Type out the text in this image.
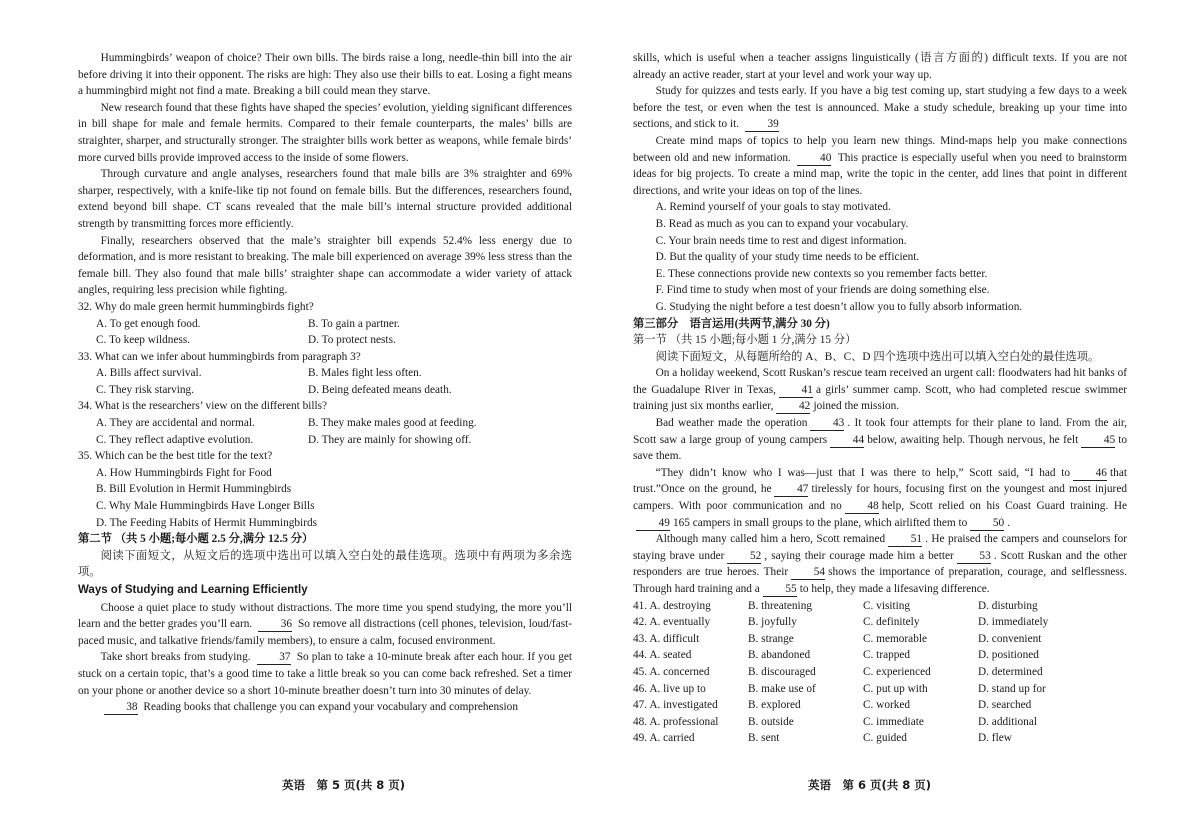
Hummingbirds’ weapon of choice? Their own bills. The birds raise a long, needle-thin bill into the air before driving it into their opponent. The risks are high: They also use their bills to eat. Losing a fight means a hummingbird might not find a mate. Breaking a bill could mean they starve.

New research found that these fights have shaped the species’ evolution, yielding significant differences in bill shape for male and female hermits. Compared to their female counterparts, the males’ bills are straighter, sharper, and structurally stronger. The straighter bills work better as weapons, while female birds’ more curved bills provide improved access to the inside of some flowers.

Through curvature and angle analyses, researchers found that male bills are 3% straighter and 69% sharper, respectively, with a knife-like tip not found on female bills. But the differences, researchers found, extend beyond bill shape. CT scans revealed that the male bill’s internal structure provided additional strength by transmitting forces more efficiently.

Finally, researchers observed that the male’s straighter bill expends 52.4% less energy due to deformation, and is more resistant to breaking. The male bill experienced on average 39% less stress than the female bill. They also found that male bills’ straighter shape can accommodate a wider variety of attack angles, requiring less precision while fighting.

32. Why do male green hermit hummingbirds fight?

A. To get enough food.	B. To gain a partner.
C. To keep wildness.	D. To protect nests.

33. What can we infer about hummingbirds from paragraph 3?

A. Bills affect survival.	B. Males fight less often.
C. They risk starving.	D. Being defeated means death.

34. What is the researchers’ view on the different bills?

A. They are accidental and normal.	B. They make males good at feeding.
C. They reflect adaptive evolution.	D. They are mainly for showing off.

35. Which can be the best title for the text?

A. How Hummingbirds Fight for Food

B. Bill Evolution in Hermit Hummingbirds

C. Why Male Hummingbirds Have Longer Bills

D. The Feeding Habits of Hermit Hummingbirds

第二节 （共 5 小题;每小题 2.5 分,满分 12.5 分）

阅读下面短文，从短文后的选项中选出可以填入空白处的最佳选项。选项中有两项为多余选项。

Ways of Studying and Learning Efficiently

Choose a quiet place to study without distractions. The more time you spend studying, the more you’ll learn and the better grades you’ll earn.	36 So remove all distractions (cell phones, television, loud/fast-paced music, and talkative friends/family members), to ensure a calm, focused environment.

Take short breaks from studying.	37 So plan to take a 10-minute break after each hour. If you get stuck on a certain topic, that’s a good time to take a little break so you can come back refreshed. Set a timer on your phone or another device so a short 10-minute breather doesn’t turn into 30 minutes of delay.

38 Reading books that challenge you can expand your vocabulary and comprehension

skills, which is useful when a teacher assigns linguistically (语言方面的) difficult texts. If you are not already an active reader, start at your level and work your way up.

Study for quizzes and tests early. If you have a big test coming up, start studying a few days to a week before the test, or even when the test is announced. Make a study schedule, breaking up your time into sections, and stick to it.	39

Create mind maps of topics to help you learn new things. Mind-maps help you make connections between old and new information.	40 This practice is especially useful when you need to brainstorm ideas for big projects. To create a mind map, write the topic in the center, add lines that point in different directions, and write your ideas on top of the lines.

A. Remind yourself of your goals to stay motivated.

B. Read as much as you can to expand your vocabulary.

C. Your brain needs time to rest and digest information.

D. But the quality of your study time needs to be efficient.

E. These connections provide new contexts so you remember facts better.

F. Find time to study when most of your friends are doing something else.

G. Studying the night before a test doesn’t allow you to fully absorb information.

第三部分　语言运用(共两节,满分 30 分)

第一节 （共 15 小题;每小题 1 分,满分 15 分）

阅读下面短文，从每题所给的 A、B、C、D 四个选项中选出可以填入空白处的最佳选项。

On a holiday weekend, Scott Ruskan’s rescue team received an urgent call: floodwaters had hit banks of the Guadalupe River in Texas, 41 a girls’ summer camp. Scott, who had completed rescue swimmer training just six months earlier, 42 joined the mission.

Bad weather made the operation 43 . It took four attempts for their plane to land. From the air, Scott saw a large group of young campers 44 below, awaiting help. Though nervous, he felt 45 to save them.

“They didn’t know who I was—just that I was there to help,” Scott said, “I had to 46 that trust.”Once on the ground, he 47 tirelessly for hours, focusing first on the youngest and most injured campers. With poor communication and no 48 help, Scott relied on his Coast Guard training. He49 165 campers in small groups to the plane, which airlifted them to 50 .

Although many called him a hero, Scott remained 51 . He praised the campers and counselors for staying brave under 52 , saying their courage made him a better 53 . Scott Ruskan and the other responders are true heroes. Their 54 shows the importance of preparation, courage, and selflessness. Through hard training and a 55 to help, they made a lifesaving difference.

41. A. destroying	B. threatening	C. visiting	D. disturbing
42. A. eventually	B. joyfully	C. definitely	D. immediately
43. A. difficult	B. strange	C. memorable	D. convenient
44. A. seated	B. abandoned	C. trapped	D. positioned
45. A. concerned	B. discouraged	C. experienced	D. determined
46. A. live up to	B. make use of	C. put up with	D. stand up for
47. A. investigated	B. explored	C. worked	D. searched
48. A. professional	B. outside	C. immediate	D. additional
49. A. carried	B. sent	C. guided	D. flew
英语　第 5 页(共 8 页)	英语　第 6 页(共 8 页)
